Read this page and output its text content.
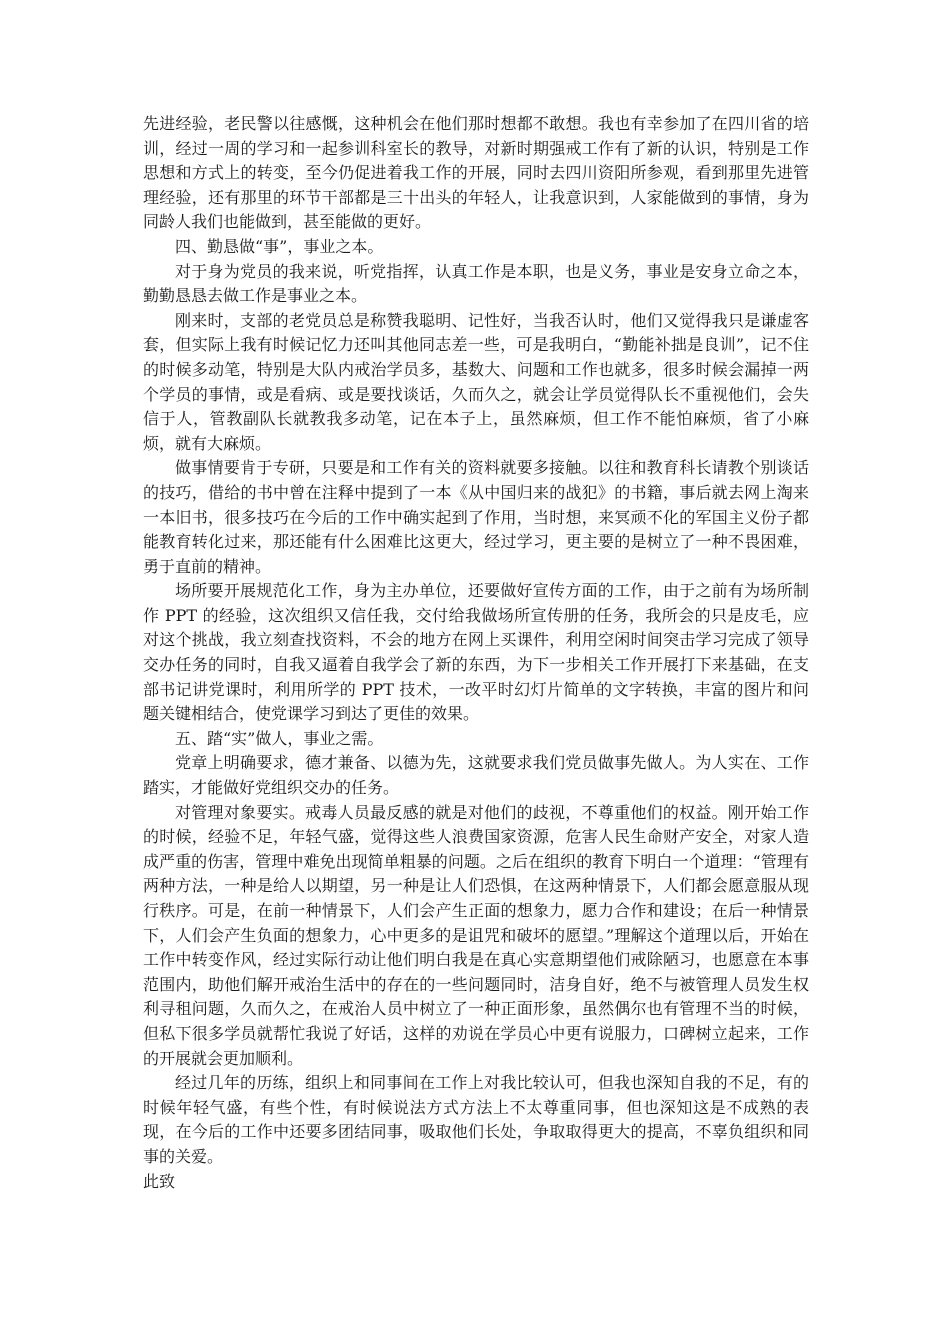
先进经验，老民警以往感慨，这种机会在他们那时想都不敢想。我也有幸参加了在四川省的培训，经过一周的学习和一起参训科室长的教导，对新时期强戒工作有了新的认识，特别是工作思想和方式上的转变，至今仍促进着我工作的开展，同时去四川资阳所参观，看到那里先进管理经验，还有那里的环节干部都是三十出头的年轻人，让我意识到，人家能做到的事情，身为同龄人我们也能做到，甚至能做的更好。

四、勤恳做“事”，事业之本。

对于身为党员的我来说，听党指挥，认真工作是本职，也是义务，事业是安身立命之本，勤勤恳恳去做工作是事业之本。

刚来时，支部的老党员总是称赞我聪明、记性好，当我否认时，他们又觉得我只是谦虚客套，但实际上我有时候记忆力还叫其他同志差一些，可是我明白，“勤能补拙是良训”，记不住的时候多动笔，特别是大队内戒治学员多，基数大、问题和工作也就多，很多时候会漏掉一两个学员的事情，或是看病、或是要找谈话，久而久之，就会让学员觉得队长不重视他们，会失信于人，管教副队长就教我多动笔，记在本子上，虽然麻烦，但工作不能怕麻烦，省了小麻烦，就有大麻烦。

做事情要肯于专研，只要是和工作有关的资料就要多接触。以往和教育科长请教个别谈话的技巧，借给的书中曾在注释中提到了一本《从中国归来的战犯》的书籍，事后就去网上淘来一本旧书，很多技巧在今后的工作中确实起到了作用，当时想，来冥顽不化的军国主义份子都能教育转化过来，那还能有什么困难比这更大，经过学习，更主要的是树立了一种不畏困难，勇于直前的精神。

场所要开展规范化工作，身为主办单位，还要做好宣传方面的工作，由于之前有为场所制作 PPT 的经验，这次组织又信任我，交付给我做场所宣传册的任务，我所会的只是皮毛，应对这个挑战，我立刻查找资料，不会的地方在网上买课件，利用空闲时间突击学习完成了领导交办任务的同时，自我又逼着自我学会了新的东西，为下一步相关工作开展打下来基础，在支部书记讲党课时，利用所学的 PPT 技术，一改平时幻灯片简单的文字转换，丰富的图片和问题关键相结合，使党课学习到达了更佳的效果。

五、踏“实”做人，事业之需。

党章上明确要求，德才兼备、以德为先，这就要求我们党员做事先做人。为人实在、工作踏实，才能做好党组织交办的任务。

对管理对象要实。戒毒人员最反感的就是对他们的歧视，不尊重他们的权益。刚开始工作的时候，经验不足，年轻气盛，觉得这些人浪费国家资源，危害人民生命财产安全，对家人造成严重的伤害，管理中难免出现简单粗暴的问题。之后在组织的教育下明白一个道理：“管理有两种方法，一种是给人以期望，另一种是让人们恐惧，在这两种情景下，人们都会愿意服从现行秩序。可是，在前一种情景下，人们会产生正面的想象力，愿力合作和建设；在后一种情景下，人们会产生负面的想象力，心中更多的是诅咒和破坏的愿望。”理解这个道理以后，开始在工作中转变作风，经过实际行动让他们明白我是在真心实意期望他们戒除陋习，也愿意在本事范围内，助他们解开戒治生活中的存在的一些问题同时，洁身自好，绝不与被管理人员发生权利寻租问题，久而久之，在戒治人员中树立了一种正面形象，虽然偶尔也有管理不当的时候，但私下很多学员就帮忙我说了好话，这样的劝说在学员心中更有说服力，口碑树立起来，工作的开展就会更加顺利。

经过几年的历练，组织上和同事间在工作上对我比较认可，但我也深知自我的不足，有的时候年轻气盛，有些个性，有时候说法方式方法上不太尊重同事，但也深知这是不成熟的表现，在今后的工作中还要多团结同事，吸取他们长处，争取取得更大的提高，不辜负组织和同事的关爱。

此致
